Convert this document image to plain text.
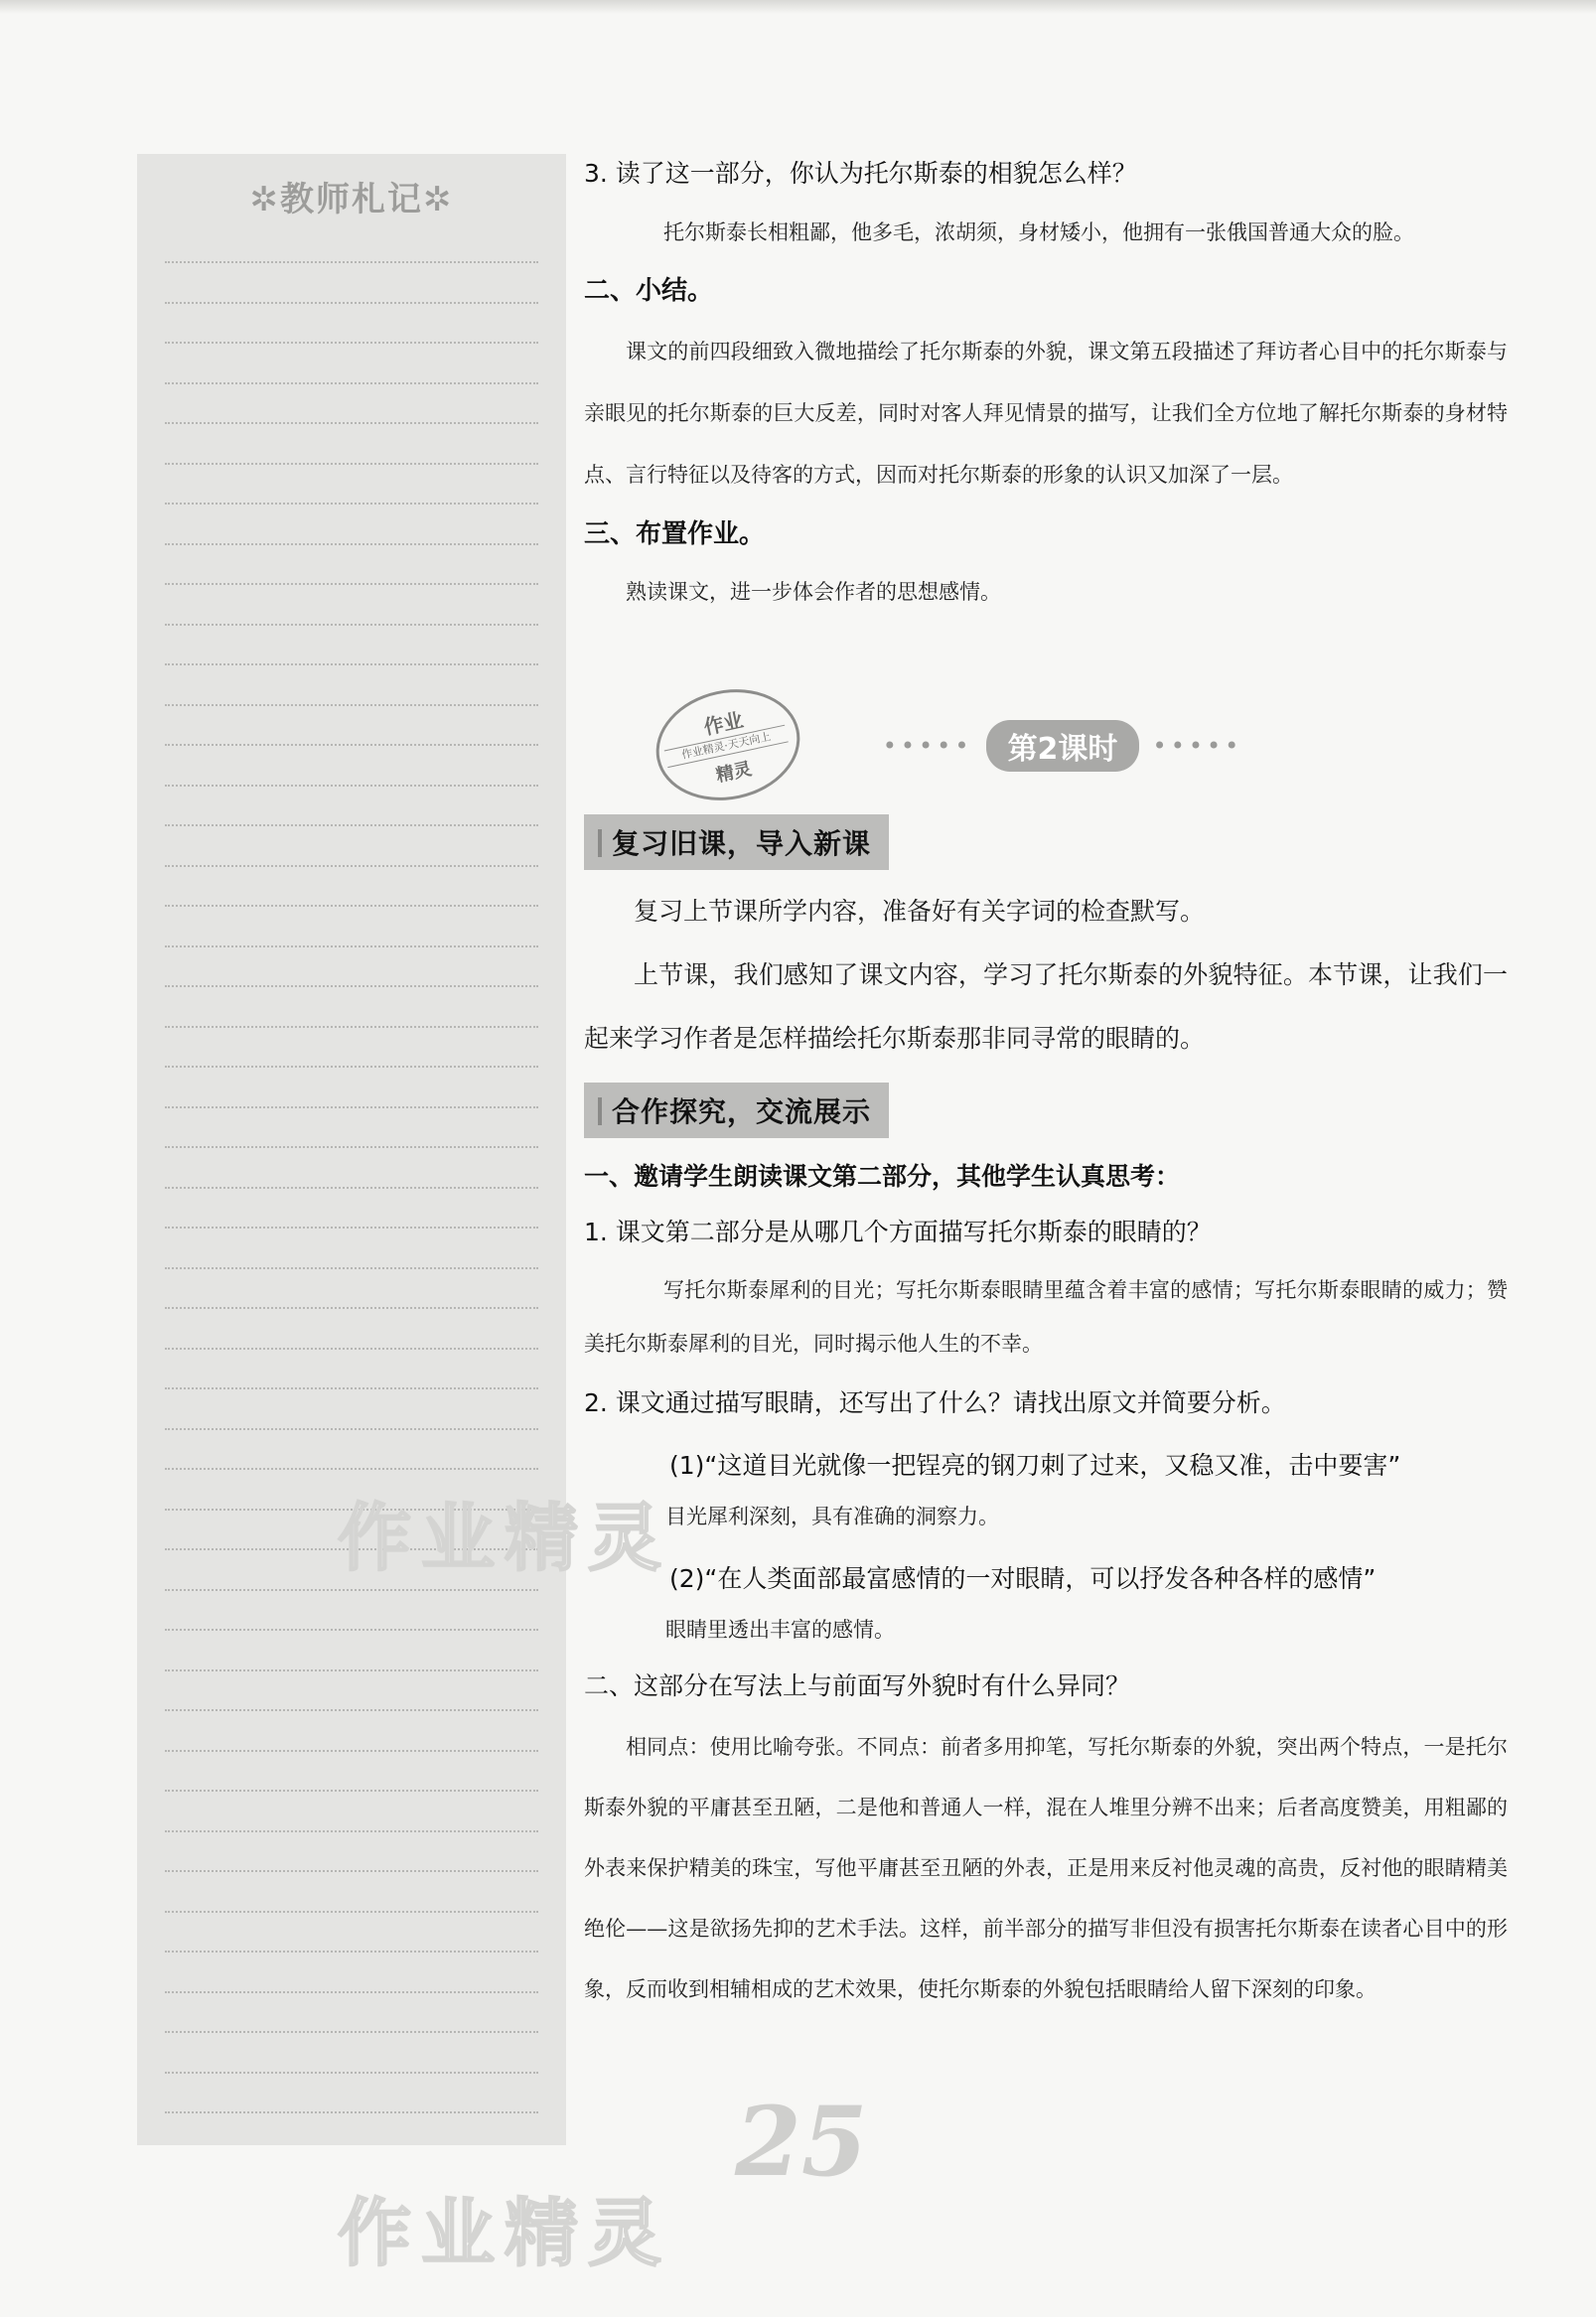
✲教师札记✲

3. 读了这一部分，你认为托尔斯泰的相貌怎么样？

托尔斯泰长相粗鄙，他多毛，浓胡须，身材矮小，他拥有一张俄国普通大众的脸。

二、小结。

课文的前四段细致入微地描绘了托尔斯泰的外貌，课文第五段描述了拜访者心目中的托尔斯泰与亲眼见的托尔斯泰的巨大反差，同时对客人拜见情景的描写，让我们全方位地了解托尔斯泰的身材特点、言行特征以及待客的方式，因而对托尔斯泰的形象的认识又加深了一层。

三、布置作业。

熟读课文，进一步体会作者的思想感情。

作业
作业精灵·天天向上
精灵
••••• 第2课时 •••••
复习旧课，导入新课

复习上节课所学内容，准备好有关字词的检查默写。

上节课，我们感知了课文内容，学习了托尔斯泰的外貌特征。本节课，让我们一起来学习作者是怎样描绘托尔斯泰那非同寻常的眼睛的。

合作探究，交流展示

一、邀请学生朗读课文第二部分，其他学生认真思考：

1. 课文第二部分是从哪几个方面描写托尔斯泰的眼睛的？

写托尔斯泰犀利的目光；写托尔斯泰眼睛里蕴含着丰富的感情；写托尔斯泰眼睛的威力；赞美托尔斯泰犀利的目光，同时揭示他人生的不幸。

2. 课文通过描写眼睛，还写出了什么？请找出原文并简要分析。

(1)“这道目光就像一把锃亮的钢刀刺了过来，又稳又准，击中要害”

目光犀利深刻，具有准确的洞察力。

(2)“在人类面部最富感情的一对眼睛，可以抒发各种各样的感情”

眼睛里透出丰富的感情。

二、这部分在写法上与前面写外貌时有什么异同？

相同点：使用比喻夸张。不同点：前者多用抑笔，写托尔斯泰的外貌，突出两个特点，一是托尔斯泰外貌的平庸甚至丑陋，二是他和普通人一样，混在人堆里分辨不出来；后者高度赞美，用粗鄙的外表来保护精美的珠宝，写他平庸甚至丑陋的外表，正是用来反衬他灵魂的高贵，反衬他的眼睛精美绝伦——这是欲扬先抑的艺术手法。这样，前半部分的描写非但没有损害托尔斯泰在读者心目中的形象，反而收到相辅相成的艺术效果，使托尔斯泰的外貌包括眼睛给人留下深刻的印象。

作业精灵
作业精灵
25
